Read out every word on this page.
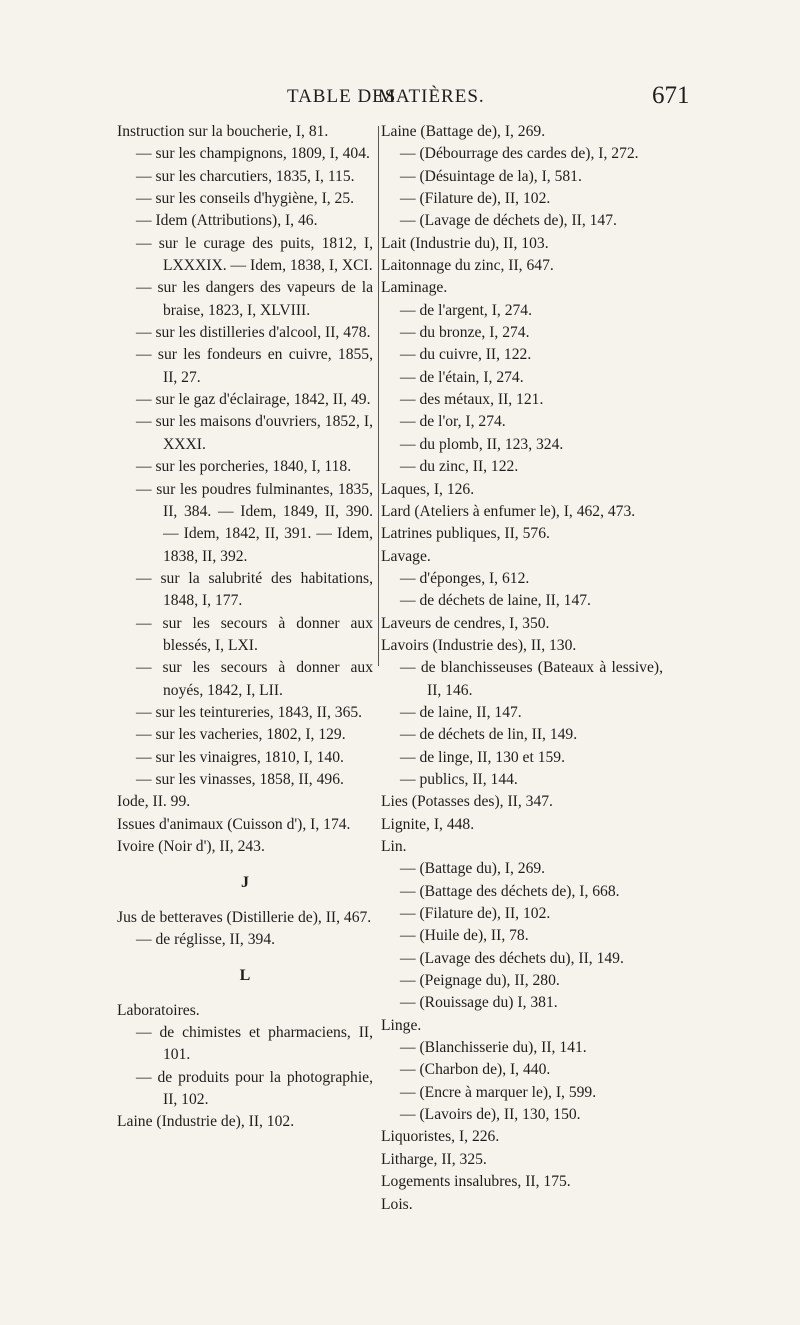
TABLE DES
MATIÈRES.	671
Instruction sur la boucherie, I, 81.
— sur les champignons, 1809, I, 404.
— sur les charcutiers, 1835, I, 115.
— sur les conseils d'hygiène, I, 25.
— Idem (Attributions), I, 46.
— sur le curage des puits, 1812, I, LXXXIX. — Idem, 1838, I, XCI.
— sur les dangers des vapeurs de la braise, 1823, I, XLVIII.
— sur les distilleries d'alcool, II, 478.
— sur les fondeurs en cuivre, 1855, II, 27.
— sur le gaz d'éclairage, 1842, II, 49.
— sur les maisons d'ouvriers, 1852, I, XXXI.
— sur les porcheries, 1840, I, 118.
— sur les poudres fulminantes, 1835, II, 384. — Idem, 1849, II, 390. — Idem, 1842, II, 391. — Idem, 1838, II, 392.
— sur la salubrité des habitations, 1848, I, 177.
— sur les secours à donner aux blessés, I, LXI.
— sur les secours à donner aux noyés, 1842, I, LII.
— sur les teintureries, 1843, II, 365.
— sur les vacheries, 1802, I, 129.
— sur les vinaigres, 1810, I, 140.
— sur les vinasses, 1858, II, 496.
Iode, II. 99.
Issues d'animaux (Cuisson d'), I, 174.
Ivoire (Noir d'), II, 243.
J
Jus de betteraves (Distillerie de), II, 467.
— de réglisse, II, 394.
L
Laboratoires.
— de chimistes et pharmaciens, II, 101.
— de produits pour la photographie, II, 102.
Laine (Industrie de), II, 102.
Laine (Battage de), I, 269.
— (Débourrage des cardes de), I, 272.
— (Désuintage de la), I, 581.
— (Filature de), II, 102.
— (Lavage de déchets de), II, 147.
Lait (Industrie du), II, 103.
Laitonnage du zinc, II, 647.
Laminage.
— de l'argent, I, 274.
— du bronze, I, 274.
— du cuivre, II, 122.
— de l'étain, I, 274.
— des métaux, II, 121.
— de l'or, I, 274.
— du plomb, II, 123, 324.
— du zinc, II, 122.
Laques, I, 126.
Lard (Ateliers à enfumer le), I, 462, 473.
Latrines publiques, II, 576.
Lavage.
— d'éponges, I, 612.
— de déchets de laine, II, 147.
Laveurs de cendres, I, 350.
Lavoirs (Industrie des), II, 130.
— de blanchisseuses (Bateaux à lessive), II, 146.
— de laine, II, 147.
— de déchets de lin, II, 149.
— de linge, II, 130 et 159.
— publics, II, 144.
Lies (Potasses des), II, 347.
Lignite, I, 448.
Lin.
— (Battage du), I, 269.
— (Battage des déchets de), I, 668.
— (Filature de), II, 102.
— (Huile de), II, 78.
— (Lavage des déchets du), II, 149.
— (Peignage du), II, 280.
— (Rouissage du) I, 381.
Linge.
— (Blanchisserie du), II, 141.
— (Charbon de), I, 440.
— (Encre à marquer le), I, 599.
— (Lavoirs de), II, 130, 150.
Liquoristes, I, 226.
Litharge, II, 325.
Logements insalubres, II, 175.
Lois.
